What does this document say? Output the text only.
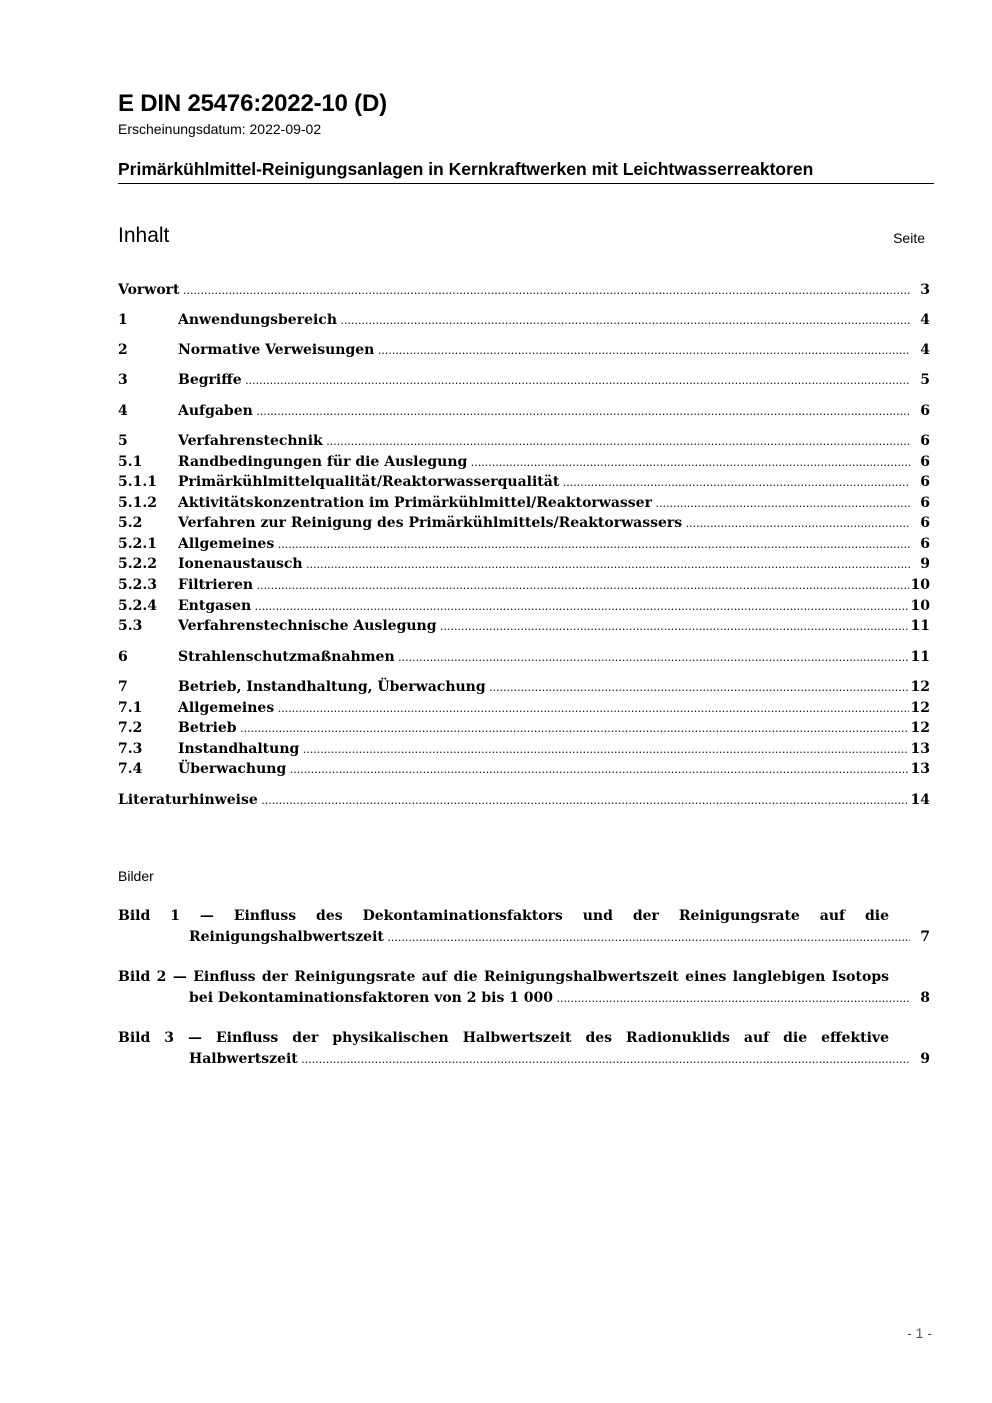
E DIN 25476:2022-10 (D)
Erscheinungsdatum: 2022-09-02
Primärkühlmittel-Reinigungsanlagen in Kernkraftwerken mit Leichtwasserreaktoren
Inhalt	Seite
Vorwort .....	3
1	Anwendungsbereich .....	4
2	Normative Verweisungen .....	4
3	Begriffe .....	5
4	Aufgaben .....	6
5	Verfahrenstechnik .....	6
5.1	Randbedingungen für die Auslegung .....	6
5.1.1 Primärkühlmittelqualität/Reaktorwasserqualität .....	6
5.1.2 Aktivitätskonzentration im Primärkühlmittel/Reaktorwasser .....	6
5.2	Verfahren zur Reinigung des Primärkühlmittels/Reaktorwassers .....	6
5.2.1 Allgemeines .....	6
5.2.2 Ionenaustausch .....	9
5.2.3 Filtrieren .....	10
5.2.4 Entgasen .....	10
5.3	Verfahrenstechnische Auslegung .....	11
6	Strahlenschutzmaßnahmen .....	11
7	Betrieb, Instandhaltung, Überwachung .....	12
7.1	Allgemeines .....	12
7.2	Betrieb .....	12
7.3	Instandhaltung .....	13
7.4	Überwachung .....	13
Literaturhinweise .....	14
Bilder
Bild 1 — Einfluss des Dekontaminationsfaktors und der Reinigungsrate auf die
Reinigungshalbwertszeit .....	7
Bild 2 — Einfluss der Reinigungsrate auf die Reinigungshalbwertszeit eines langlebigen Isotops
bei Dekontaminationsfaktoren von 2 bis 1 000 .....	8
Bild 3 — Einfluss der physikalischen Halbwertszeit des Radionuklids auf die effektive
Halbwertszeit .....	9
- 1 -
